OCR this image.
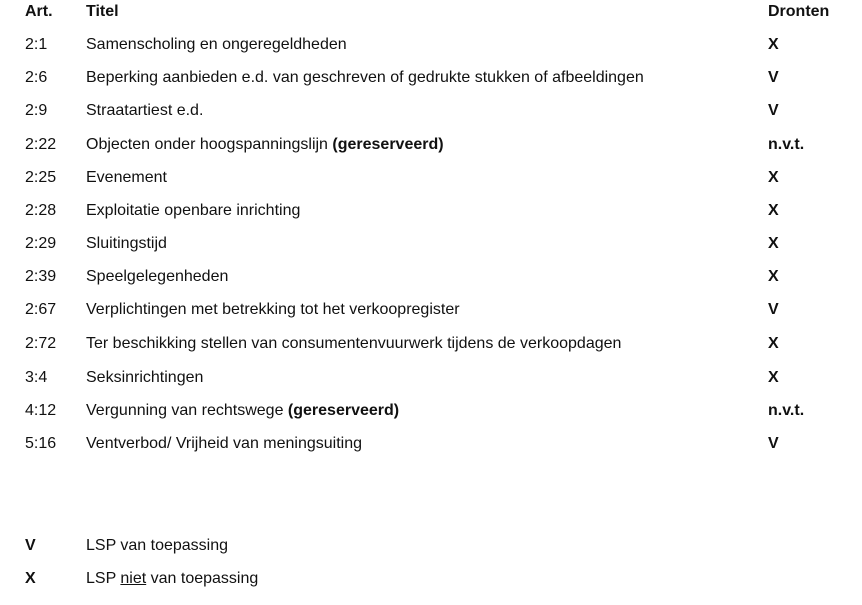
Art. Titel	Dronten
2:1 Samenscholing en ongeregeldheden	X
2:6 Beperking aanbieden e.d. van geschreven of gedrukte stukken of afbeeldingen	V
2:9 Straatartiest e.d.	V
2:22 Objecten onder hoogspanningslijn (gereserveerd)	n.v.t.
2:25 Evenement	X
2:28 Exploitatie openbare inrichting	X
2:29 Sluitingstijd	X
2:39 Speelgelegenheden	X
2:67 Verplichtingen met betrekking tot het verkoopregister	V
2:72 Ter beschikking stellen van consumentenvuurwerk tijdens de verkoopdagen	X
3:4 Seksinrichtingen	X
4:12 Vergunning van rechtswege (gereserveerd)	n.v.t.
5:16 Ventverbod/ Vrijheid van meningsuiting	V
V	LSP van toepassing
X	LSP niet van toepassing
